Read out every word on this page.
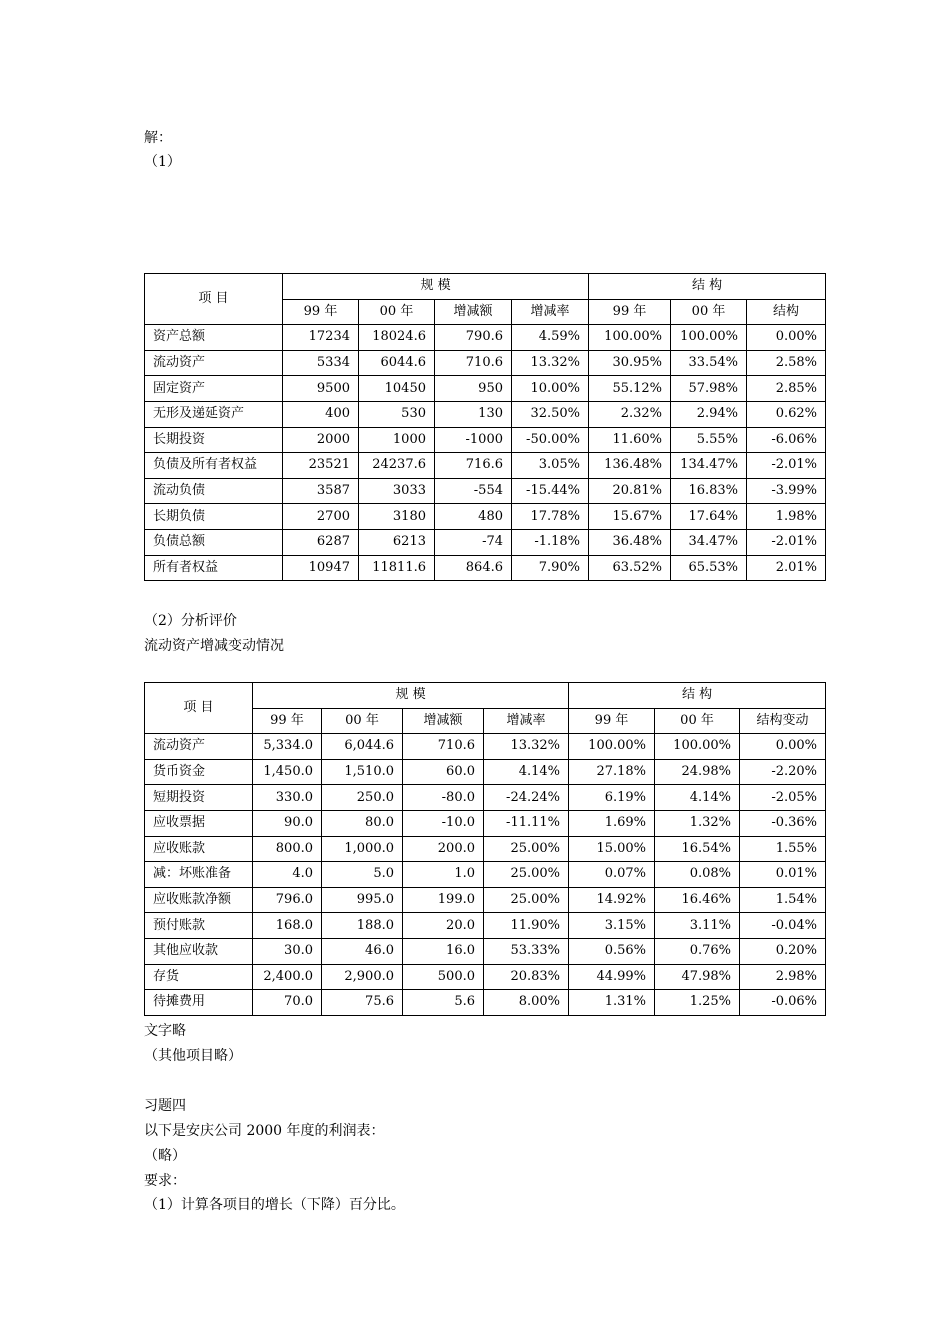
解：
（1）
项 目	规 模				结 构		
	99 年	00 年	增减额	增减率	99 年	00 年	结构
资产总额	17234	18024.6	790.6	4.59%	100.00%	100.00%	0.00%
流动资产	5334	6044.6	710.6	13.32%	30.95%	33.54%	2.58%
固定资产	9500	10450	950	10.00%	55.12%	57.98%	2.85%
无形及递延资产	400	530	130	32.50%	2.32%	2.94%	0.62%
长期投资	2000	1000	-1000	-50.00%	11.60%	5.55%	-6.06%
负债及所有者权益	23521	24237.6	716.6	3.05%	136.48%	134.47%	-2.01%
流动负债	3587	3033	-554	-15.44%	20.81%	16.83%	-3.99%
长期负债	2700	3180	480	17.78%	15.67%	17.64%	1.98%
负债总额	6287	6213	-74	-1.18%	36.48%	34.47%	-2.01%
所有者权益	10947	11811.6	864.6	7.90%	63.52%	65.53%	2.01%
（2）分析评价
流动资产增减变动情况
项 目	规 模				结 构		
	99 年	00 年	增减额	增减率	99 年	00 年	结构变动
流动资产	5,334.0	6,044.6	710.6	13.32%	100.00%	100.00%	0.00%
货币资金	1,450.0	1,510.0	60.0	4.14%	27.18%	24.98%	-2.20%
短期投资	330.0	250.0	-80.0	-24.24%	6.19%	4.14%	-2.05%
应收票据	90.0	80.0	-10.0	-11.11%	1.69%	1.32%	-0.36%
应收账款	800.0	1,000.0	200.0	25.00%	15.00%	16.54%	1.55%
减：坏账准备	4.0	5.0	1.0	25.00%	0.07%	0.08%	0.01%
应收账款净额	796.0	995.0	199.0	25.00%	14.92%	16.46%	1.54%
预付账款	168.0	188.0	20.0	11.90%	3.15%	3.11%	-0.04%
其他应收款	30.0	46.0	16.0	53.33%	0.56%	0.76%	0.20%
存货	2,400.0	2,900.0	500.0	20.83%	44.99%	47.98%	2.98%
待摊费用	70.0	75.6	5.6	8.00%	1.31%	1.25%	-0.06%
文字略
（其他项目略）
习题四
以下是安庆公司 2000 年度的利润表：
（略）
要求：
（1）计算各项目的增长（下降）百分比。
